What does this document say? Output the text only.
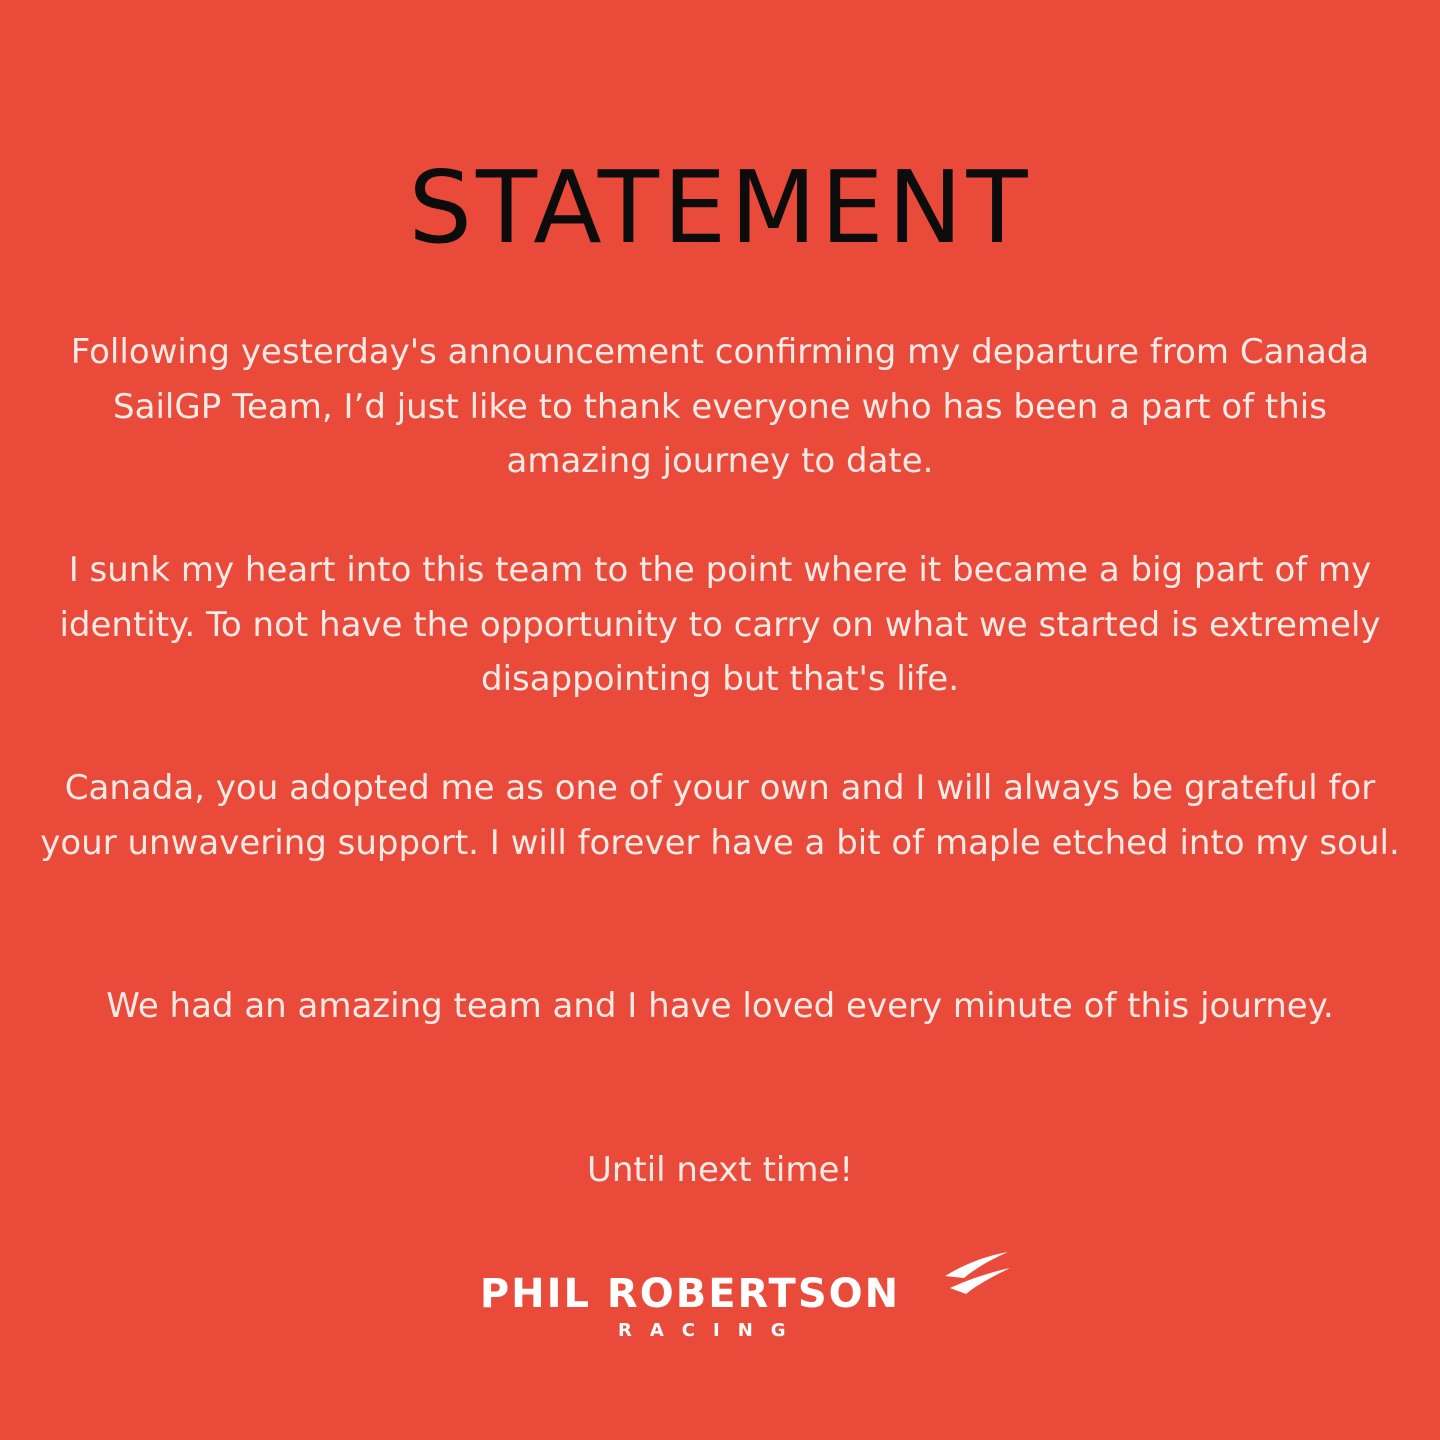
STATEMENT

Following yesterday's announcement confirming my departure from Canada SailGP Team, I’d just like to thank everyone who has been a part of this amazing journey to date.

I sunk my heart into this team to the point where it became a big part of my identity. To not have the opportunity to carry on what we started is extremely disappointing but that's life.

Canada, you adopted me as one of your own and I will always be grateful for your unwavering support. I will forever have a bit of maple etched into my soul.

We had an amazing team and I have loved every minute of this journey.

Until next time!

PHIL ROBERTSON
RACING
